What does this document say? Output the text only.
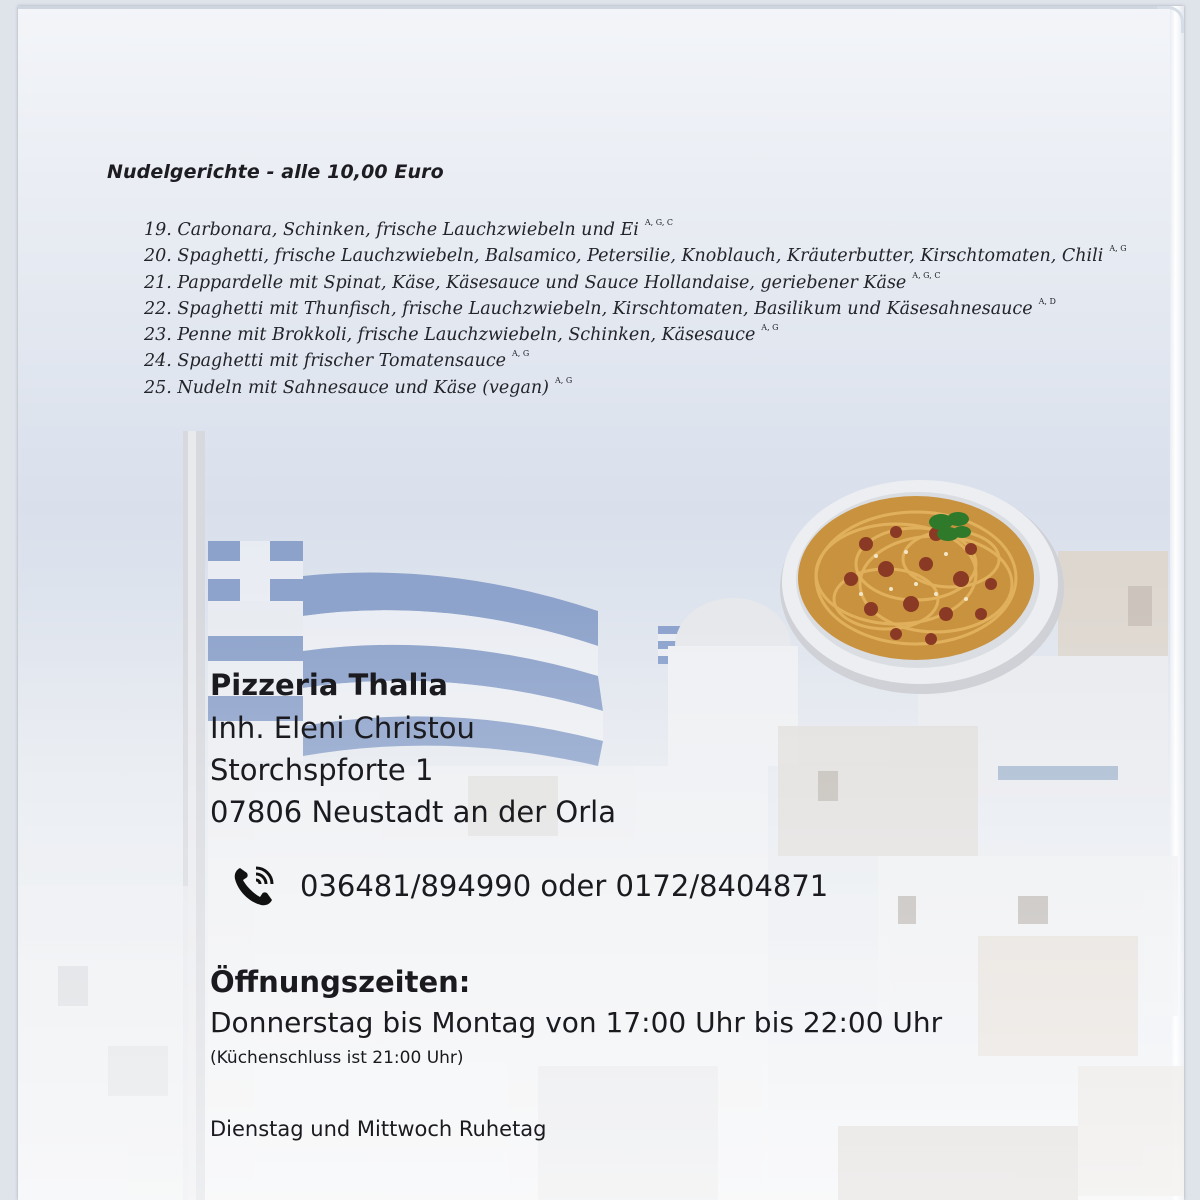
Nudelgerichte - alle 10,00 Euro
19. Carbonara, Schinken, frische Lauchzwiebeln und Ei $^{A, G, C}$
20. Spaghetti, frische Lauchzwiebeln, Balsamico, Petersilie, Knoblauch, Kräuterbutter, Kirschtomaten, Chili $^{A, G}$
21. Pappardelle mit Spinat, Käse, Käsesauce und Sauce Hollandaise, geriebener Käse $^{A, G, C}$
22. Spaghetti mit Thunfisch, frische Lauchzwiebeln, Kirschtomaten, Basilikum und Käsesahnesauce $^{A, D}$
23. Penne mit Brokkoli, frische Lauchzwiebeln, Schinken, Käsesauce $^{A, G}$
24. Spaghetti mit frischer Tomatensauce $^{A, G}$
25. Nudeln mit Sahnesauce und Käse (vegan) $^{A, G}$
Pizzeria Thalia
Inh. Eleni Christou
Storchspforte 1
07806 Neustadt an der Orla
036481/894990 oder 0172/8404871
Öffnungszeiten:
Donnerstag bis Montag von 17:00 Uhr bis 22:00 Uhr
(Küchenschluss ist 21:00 Uhr)
Dienstag und Mittwoch Ruhetag
